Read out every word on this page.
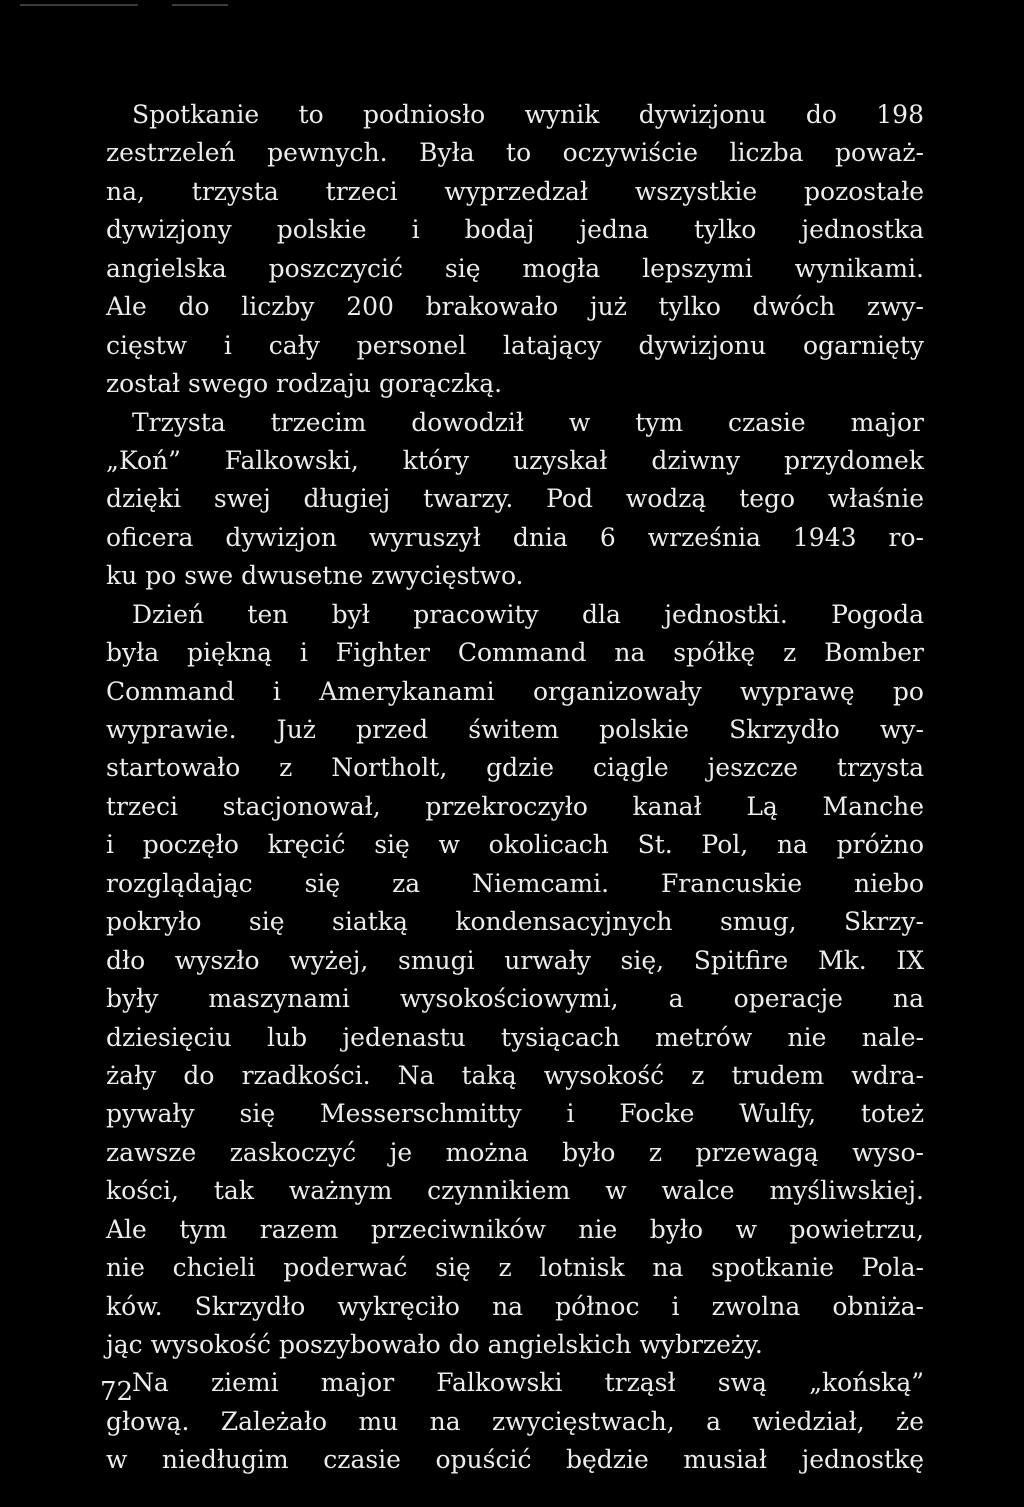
Spotkanie to podniosło wynik dywizjonu do 198
zestrzeleń pewnych. Była to oczywiście liczba poważ-
na, trzysta trzeci wyprzedzał wszystkie pozostałe
dywizjony polskie i bodaj jedna tylko jednostka
angielska poszczycić się mogła lepszymi wynikami.
Ale do liczby 200 brakowało już tylko dwóch zwy-
cięstw i cały personel latający dywizjonu ogarnięty
został swego rodzaju gorączką.
Trzysta trzecim dowodził w tym czasie major
„Koń” Falkowski, który uzyskał dziwny przydomek
dzięki swej długiej twarzy. Pod wodzą tego właśnie
oficera dywizjon wyruszył dnia 6 września 1943 ro-
ku po swe dwusetne zwycięstwo.
Dzień ten był pracowity dla jednostki. Pogoda
była piękną i Fighter Command na spółkę z Bomber
Command i Amerykanami organizowały wyprawę po
wyprawie. Już przed świtem polskie Skrzydło wy-
startowało z Northolt, gdzie ciągle jeszcze trzysta
trzeci stacjonował, przekroczyło kanał Lą Manche
i poczęło kręcić się w okolicach St. Pol, na próżno
rozglądając się za Niemcami. Francuskie niebo
pokryło się siatką kondensacyjnych smug, Skrzy-
dło wyszło wyżej, smugi urwały się, Spitfire Mk. IX
były maszynami wysokościowymi, a operacje na
dziesięciu lub jedenastu tysiącach metrów nie nale-
żały do rzadkości. Na taką wysokość z trudem wdra-
pywały się Messerschmitty i Focke Wulfy, toteż
zawsze zaskoczyć je można było z przewagą wyso-
kości, tak ważnym czynnikiem w walce myśliwskiej.
Ale tym razem przeciwników nie było w powietrzu,
nie chcieli poderwać się z lotnisk na spotkanie Pola-
ków. Skrzydło wykręciło na północ i zwolna obniża-
jąc wysokość poszybowało do angielskich wybrzeży.
Na ziemi major Falkowski trząsł swą „końską”
głową. Zależało mu na zwycięstwach, a wiedział, że
w niedługim czasie opuścić będzie musiał jednostkę
72
